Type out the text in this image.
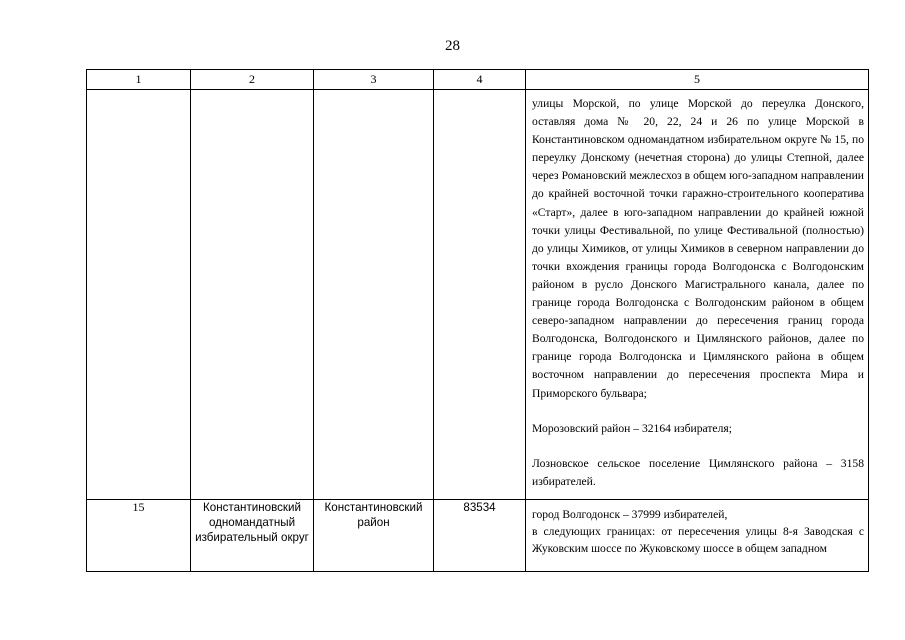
28
1	2	3	4	5

				улицы Морской, по улице Морской до переулка Донского, оставляя дома № 20, 22, 24 и 26 по улице Морской в Константиновском одномандатном избирательном округе № 15, по переулку Донскому (нечетная сторона) до улицы Степной, далее через Романовский межлесхоз в общем юго-западном направлении до крайней восточной точки гаражно-строительного кооператива «Старт», далее в юго-западном направлении до крайней южной точки улицы Фестивальной, по улице Фестивальной (полностью) до улицы Химиков, от улицы Химиков в северном направлении до точки вхождения границы города Волгодонска с Волгодонским районом в русло Донского Магистрального канала, далее по границе города Волгодонска с Волгодонским районом в общем северо-западном направлении до пересечения границ города Волгодонска, Волгодонского и Цимлянского районов, далее по границе города Волгодонска и Цимлянского района в общем восточном направлении до пересечения проспекта Мира и Приморского бульвара;

Морозовский район – 32164 избирателя;

Лозновское сельское поселение Цимлянского района – 3158 избирателей.

15	Константиновский одномандатный избирательный округ	Константиновский район	83534	город Волгодонск – 37999 избирателей,

в следующих границах: от пересечения улицы 8-я Заводская с Жуковским шоссе по Жуковскому шоссе в общем западном
